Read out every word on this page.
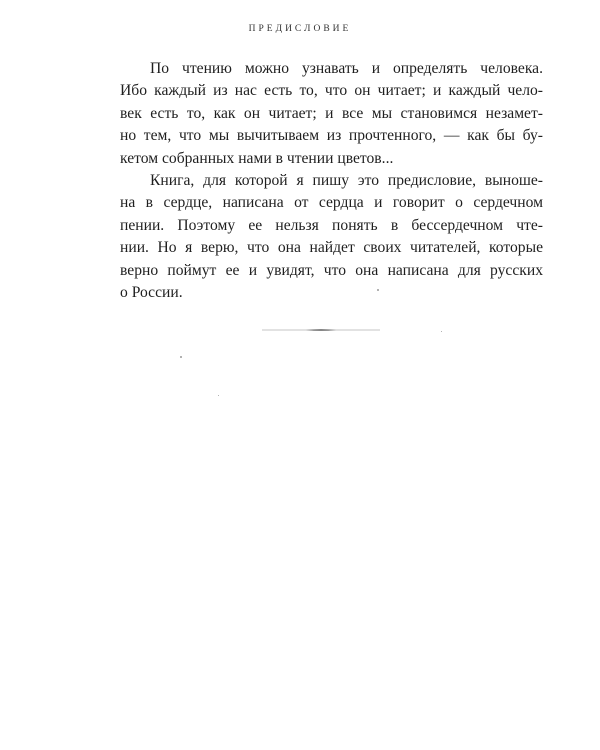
ПРЕДИСЛОВИЕ
По чтению можно узнавать и определять человека.
Ибо каждый из нас есть то, что он читает; и каждый чело-
век есть то, как он читает; и все мы становимся незамет-
но тем, что мы вычитываем из прочтенного, — как бы бу-
кетом собранных нами в чтении цветов...
Книга, для которой я пишу это предисловие, выноше-
на в сердце, написана от сердца и говорит о сердечном
пении. Поэтому ее нельзя понять в бессердечном чте-
нии. Но я верю, что она найдет своих читателей, которые
верно поймут ее и увидят, что она написана для русских
о России.
